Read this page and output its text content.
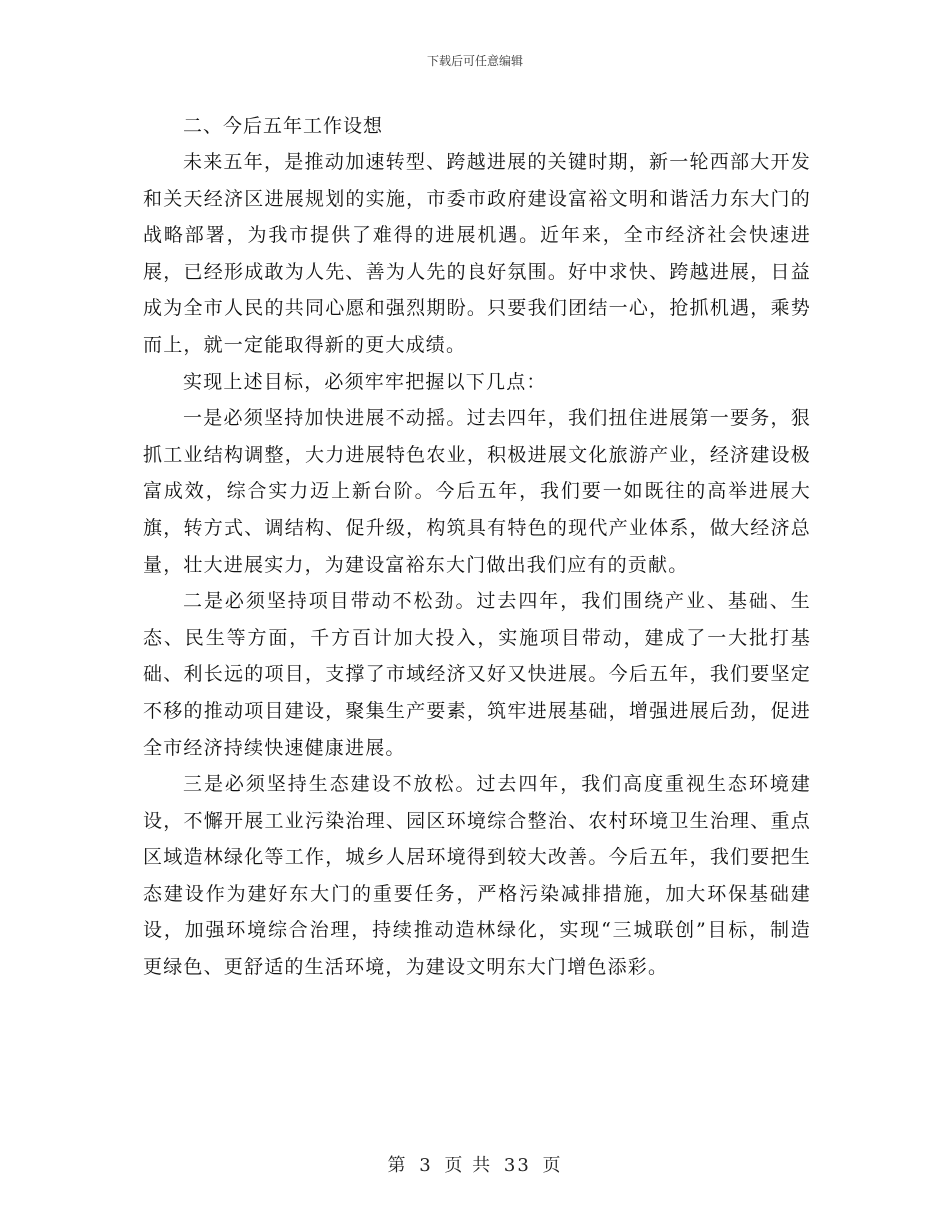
下载后可任意编辑
二、今后五年工作设想

未来五年，是推动加速转型、跨越进展的关键时期，新一轮西部大开发和关天经济区进展规划的实施，市委市政府建设富裕文明和谐活力东大门的战略部署，为我市提供了难得的进展机遇。近年来，全市经济社会快速进展，已经形成敢为人先、善为人先的良好氛围。好中求快、跨越进展，日益成为全市人民的共同心愿和强烈期盼。只要我们团结一心，抢抓机遇，乘势而上，就一定能取得新的更大成绩。

实现上述目标，必须牢牢把握以下几点：

一是必须坚持加快进展不动摇。过去四年，我们扭住进展第一要务，狠抓工业结构调整，大力进展特色农业，积极进展文化旅游产业，经济建设极富成效，综合实力迈上新台阶。今后五年，我们要一如既往的高举进展大旗，转方式、调结构、促升级，构筑具有特色的现代产业体系，做大经济总量，壮大进展实力，为建设富裕东大门做出我们应有的贡献。

二是必须坚持项目带动不松劲。过去四年，我们围绕产业、基础、生态、民生等方面，千方百计加大投入，实施项目带动，建成了一大批打基础、利长远的项目，支撑了市域经济又好又快进展。今后五年，我们要坚定不移的推动项目建设，聚集生产要素，筑牢进展基础，增强进展后劲，促进全市经济持续快速健康进展。

三是必须坚持生态建设不放松。过去四年，我们高度重视生态环境建设，不懈开展工业污染治理、园区环境综合整治、农村环境卫生治理、重点区域造林绿化等工作，城乡人居环境得到较大改善。今后五年，我们要把生态建设作为建好东大门的重要任务，严格污染减排措施，加大环保基础建设，加强环境综合治理，持续推动造林绿化，实现“三城联创”目标，制造更绿色、更舒适的生活环境，为建设文明东大门增色添彩。

第 3 页 共 33 页
